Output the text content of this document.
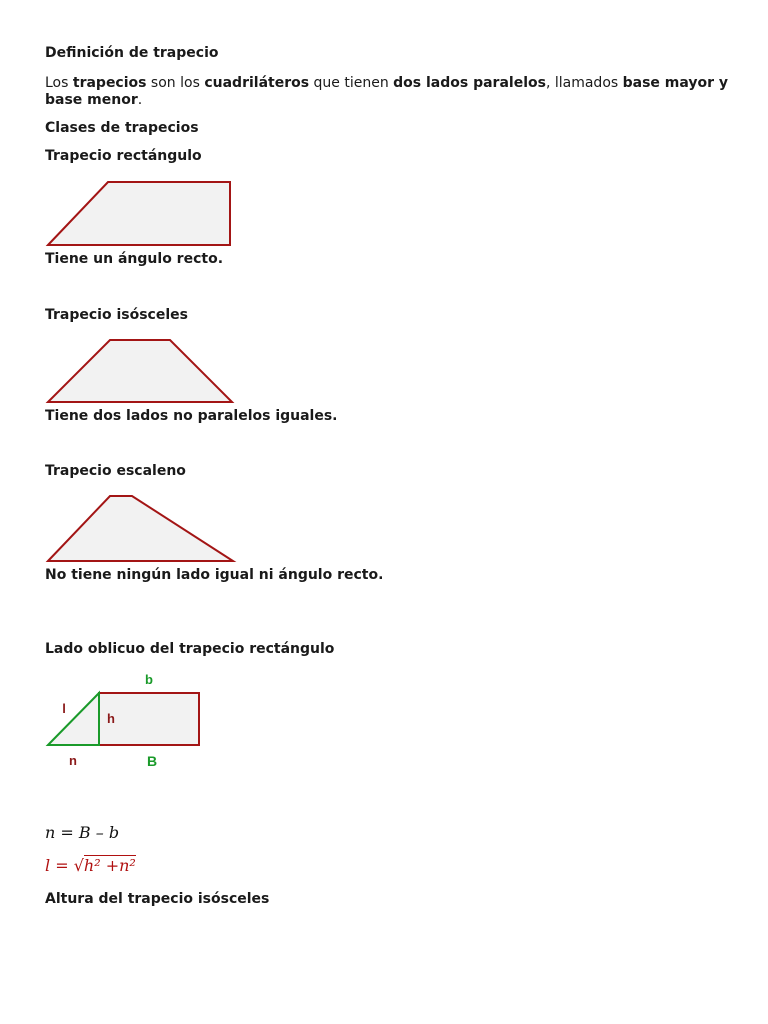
Definición de trapecio
Los trapecios son los cuadriláteros que tienen dos lados paralelos, llamados base mayor y base menor.
Clases de trapecios
Trapecio rectángulo
Tiene un ángulo recto.
Trapecio isósceles
Tiene dos lados no paralelos iguales.
Trapecio escaleno
No tiene ningún lado igual ni ángulo recto.
Lado oblicuo del trapecio rectángulo
b
l
h
n	B
n = B – b
l = √h² +n²
Altura del trapecio isósceles
